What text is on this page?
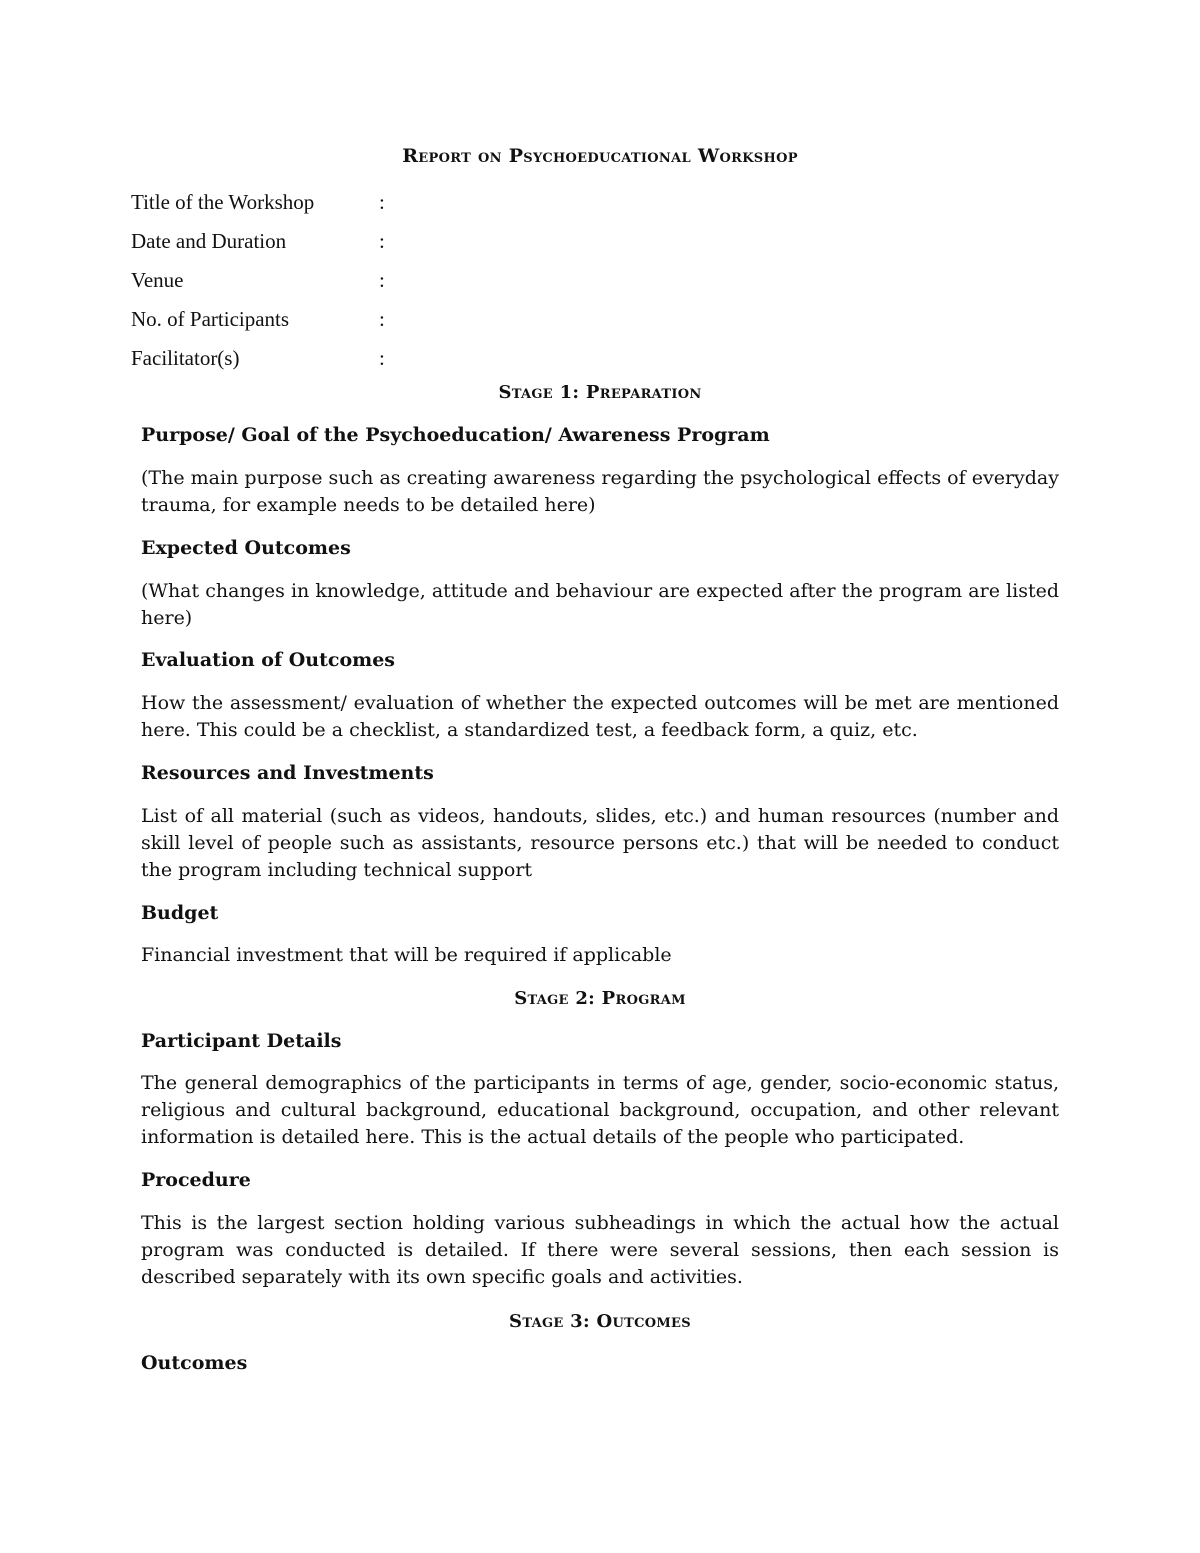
Report on Psychoeducational Workshop
Title of the Workshop	:
Date and Duration	:
Venue	:
No. of Participants	:
Facilitator(s)	:
Stage 1: Preparation
Purpose/ Goal of the Psychoeducation/ Awareness Program
(The main purpose such as creating awareness regarding the psychological effects of everyday trauma, for example needs to be detailed here)
Expected Outcomes
(What changes in knowledge, attitude and behaviour are expected after the program are listed here)
Evaluation of Outcomes
How the assessment/ evaluation of whether the expected outcomes will be met are mentioned here. This could be a checklist, a standardized test, a feedback form, a quiz, etc.
Resources and Investments
List of all material (such as videos, handouts, slides, etc.) and human resources (number and skill level of people such as assistants, resource persons etc.) that will be needed to conduct the program including technical support
Budget
Financial investment that will be required if applicable
Stage 2: Program
Participant Details
The general demographics of the participants in terms of age, gender, socio-economic status, religious and cultural background, educational background, occupation, and other relevant information is detailed here. This is the actual details of the people who participated.
Procedure
This is the largest section holding various subheadings in which the actual how the actual program was conducted is detailed. If there were several sessions, then each session is described separately with its own specific goals and activities.
Stage 3: Outcomes
Outcomes
